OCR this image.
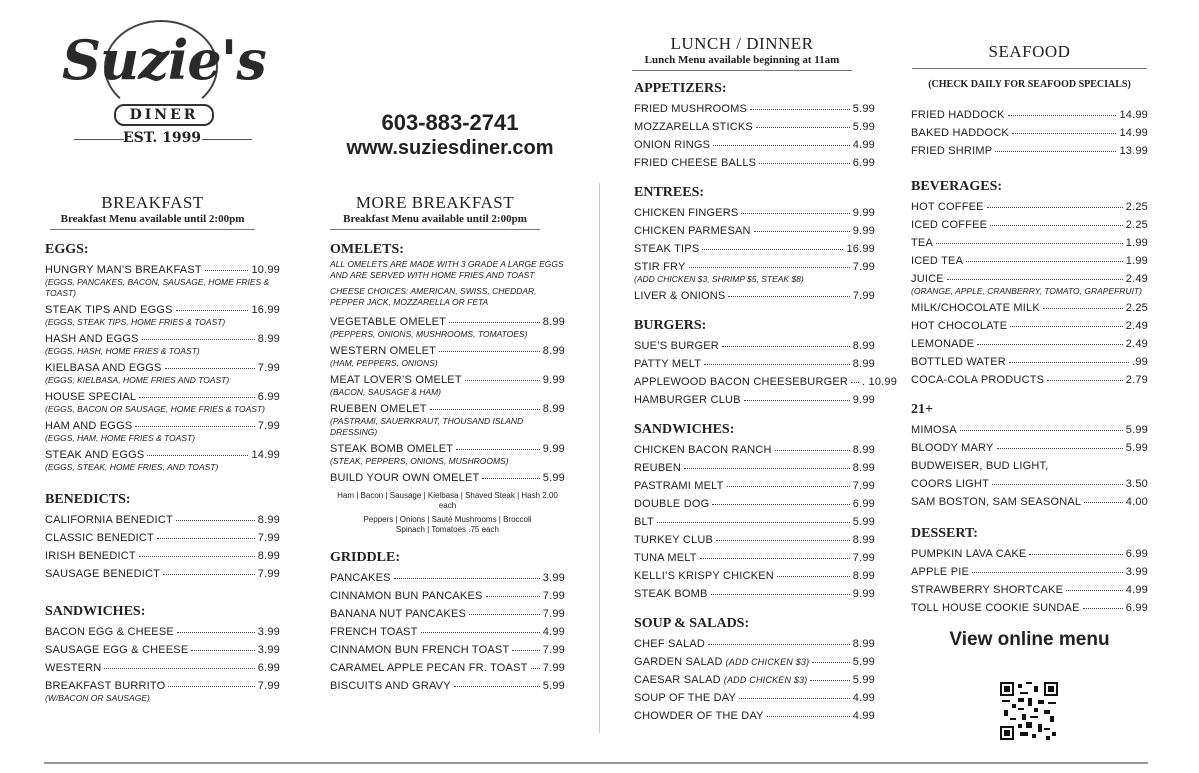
Suzie's
DINER
EST. 1999
603-883-2741
www.suziesdiner.com
BREAKFAST
Breakfast Menu available until 2:00pm
MORE BREAKFAST
Breakfast Menu available until 2:00pm
LUNCH / DINNER
Lunch Menu available beginning at 11am	SEAFOOD
(CHECK DAILY FOR SEAFOOD SPECIALS)
EGGS:
HUNGRY MAN’S BREAKFAST	10.99
(EGGS, PANCAKES, BACON, SAUSAGE, HOME FRIES & TOAST)
STEAK TIPS AND EGGS	16.99
(EGGS, STEAK TIPS, HOME FRIES & TOAST)
HASH AND EGGS	8.99
(EGGS, HASH, HOME FRIES & TOAST)
KIELBASA AND EGGS	7.99
(EGGS, KIELBASA, HOME FRIES AND TOAST)
HOUSE SPECIAL	6.99
(EGGS, BACON OR SAUSAGE, HOME FRIES & TOAST)
HAM AND EGGS	7.99
(EGGS, HAM, HOME FRIES & TOAST)
STEAK AND EGGS	14.99
(EGGS, STEAK, HOME FRIES, AND TOAST)
BENEDICTS:
CALIFORNIA BENEDICT	8.99
CLASSIC BENEDICT	7.99
IRISH BENEDICT	8.99
SAUSAGE BENEDICT	7.99
SANDWICHES:
BACON EGG & CHEESE	3.99
SAUSAGE EGG & CHEESE	3.99
WESTERN	6.99
BREAKFAST BURRITO	7.99
(W/BACON OR SAUSAGE)
OMELETS:
ALL OMELETS ARE MADE WITH 3 GRADE A LARGE EGGS AND ARE SERVED WITH HOME FRIES AND TOAST
CHEESE CHOICES: AMERICAN, SWISS, CHEDDAR, PEPPER JACK, MOZZARELLA OR FETA
VEGETABLE OMELET	8.99
(PEPPERS, ONIONS, MUSHROOMS, TOMATOES)
WESTERN OMELET	8.99
(HAM, PEPPERS, ONIONS)
MEAT LOVER’S OMELET	9.99
(BACON, SAUSAGE & HAM)
RUEBEN OMELET	8.99
(PASTRAMI, SAUERKRAUT, THOUSAND ISLAND DRESSING)
STEAK BOMB OMELET	9.99
(STEAK, PEPPERS, ONIONS, MUSHROOMS)
BUILD YOUR OWN OMELET	5.99
Ham | Bacon | Sausage | Kielbasa | Shaved Steak | Hash 2.00 each
Peppers | Onions | Sauté Mushrooms | Broccoli
Spinach | Tomatoes .75 each
GRIDDLE:
PANCAKES	3.99
CINNAMON BUN PANCAKES	7.99
BANANA NUT PANCAKES	7.99
FRENCH TOAST	4.99
CINNAMON BUN FRENCH TOAST	7.99
CARAMEL APPLE PECAN FR. TOAST 7.99
BISCUITS AND GRAVY	5.99
APPETIZERS:
FRIED MUSHROOMS	5.99
MOZZARELLA STICKS	5.99
ONION RINGS	4.99
FRIED CHEESE BALLS	6.99
ENTREES:
CHICKEN FINGERS	9.99
CHICKEN PARMESAN	9.99
STEAK TIPS	16.99
STIR FRY	7.99
(ADD CHICKEN $3, SHRIMP $5, STEAK $8)
LIVER & ONIONS	7.99
BURGERS:
SUE’S BURGER	8.99
PATTY MELT	8.99
APPLEWOOD BACON CHEESEBURGER . 10.99
HAMBURGER CLUB	9.99
SANDWICHES:
CHICKEN BACON RANCH	8.99
REUBEN	8.99
PASTRAMI MELT	7.99
DOUBLE DOG	6.99
BLT	5.99
TURKEY CLUB	8.99
TUNA MELT	7.99
KELLI’S KRISPY CHICKEN	8.99
STEAK BOMB	9.99
SOUP & SALADS:
CHEF SALAD	8.99
GARDEN SALAD (ADD CHICKEN $3)	5.99
CAESAR SALAD (ADD CHICKEN $3)	5.99
SOUP OF THE DAY	4.99
CHOWDER OF THE DAY	4.99
FRIED HADDOCK	14.99
BAKED HADDOCK	14.99
FRIED SHRIMP	13.99
BEVERAGES:
HOT COFFEE	2.25
ICED COFFEE	2.25
TEA	1.99
ICED TEA	1.99
JUICE	2.49
(ORANGE, APPLE, CRANBERRY, TOMATO, GRAPEFRUIT)
MILK/CHOCOLATE MILK	2.25
HOT CHOCOLATE	2.49
LEMONADE	2.49
BOTTLED WATER	.99
COCA-COLA PRODUCTS	2.79
21+
MIMOSA	5.99
BLOODY MARY	5.99
BUDWEISER, BUD LIGHT,
COORS LIGHT	3.50
SAM BOSTON, SAM SEASONAL	4.00
DESSERT:
PUMPKIN LAVA CAKE	6.99
APPLE PIE	3.99
STRAWBERRY SHORTCAKE	4.99
TOLL HOUSE COOKIE SUNDAE	6.99
View online menu
